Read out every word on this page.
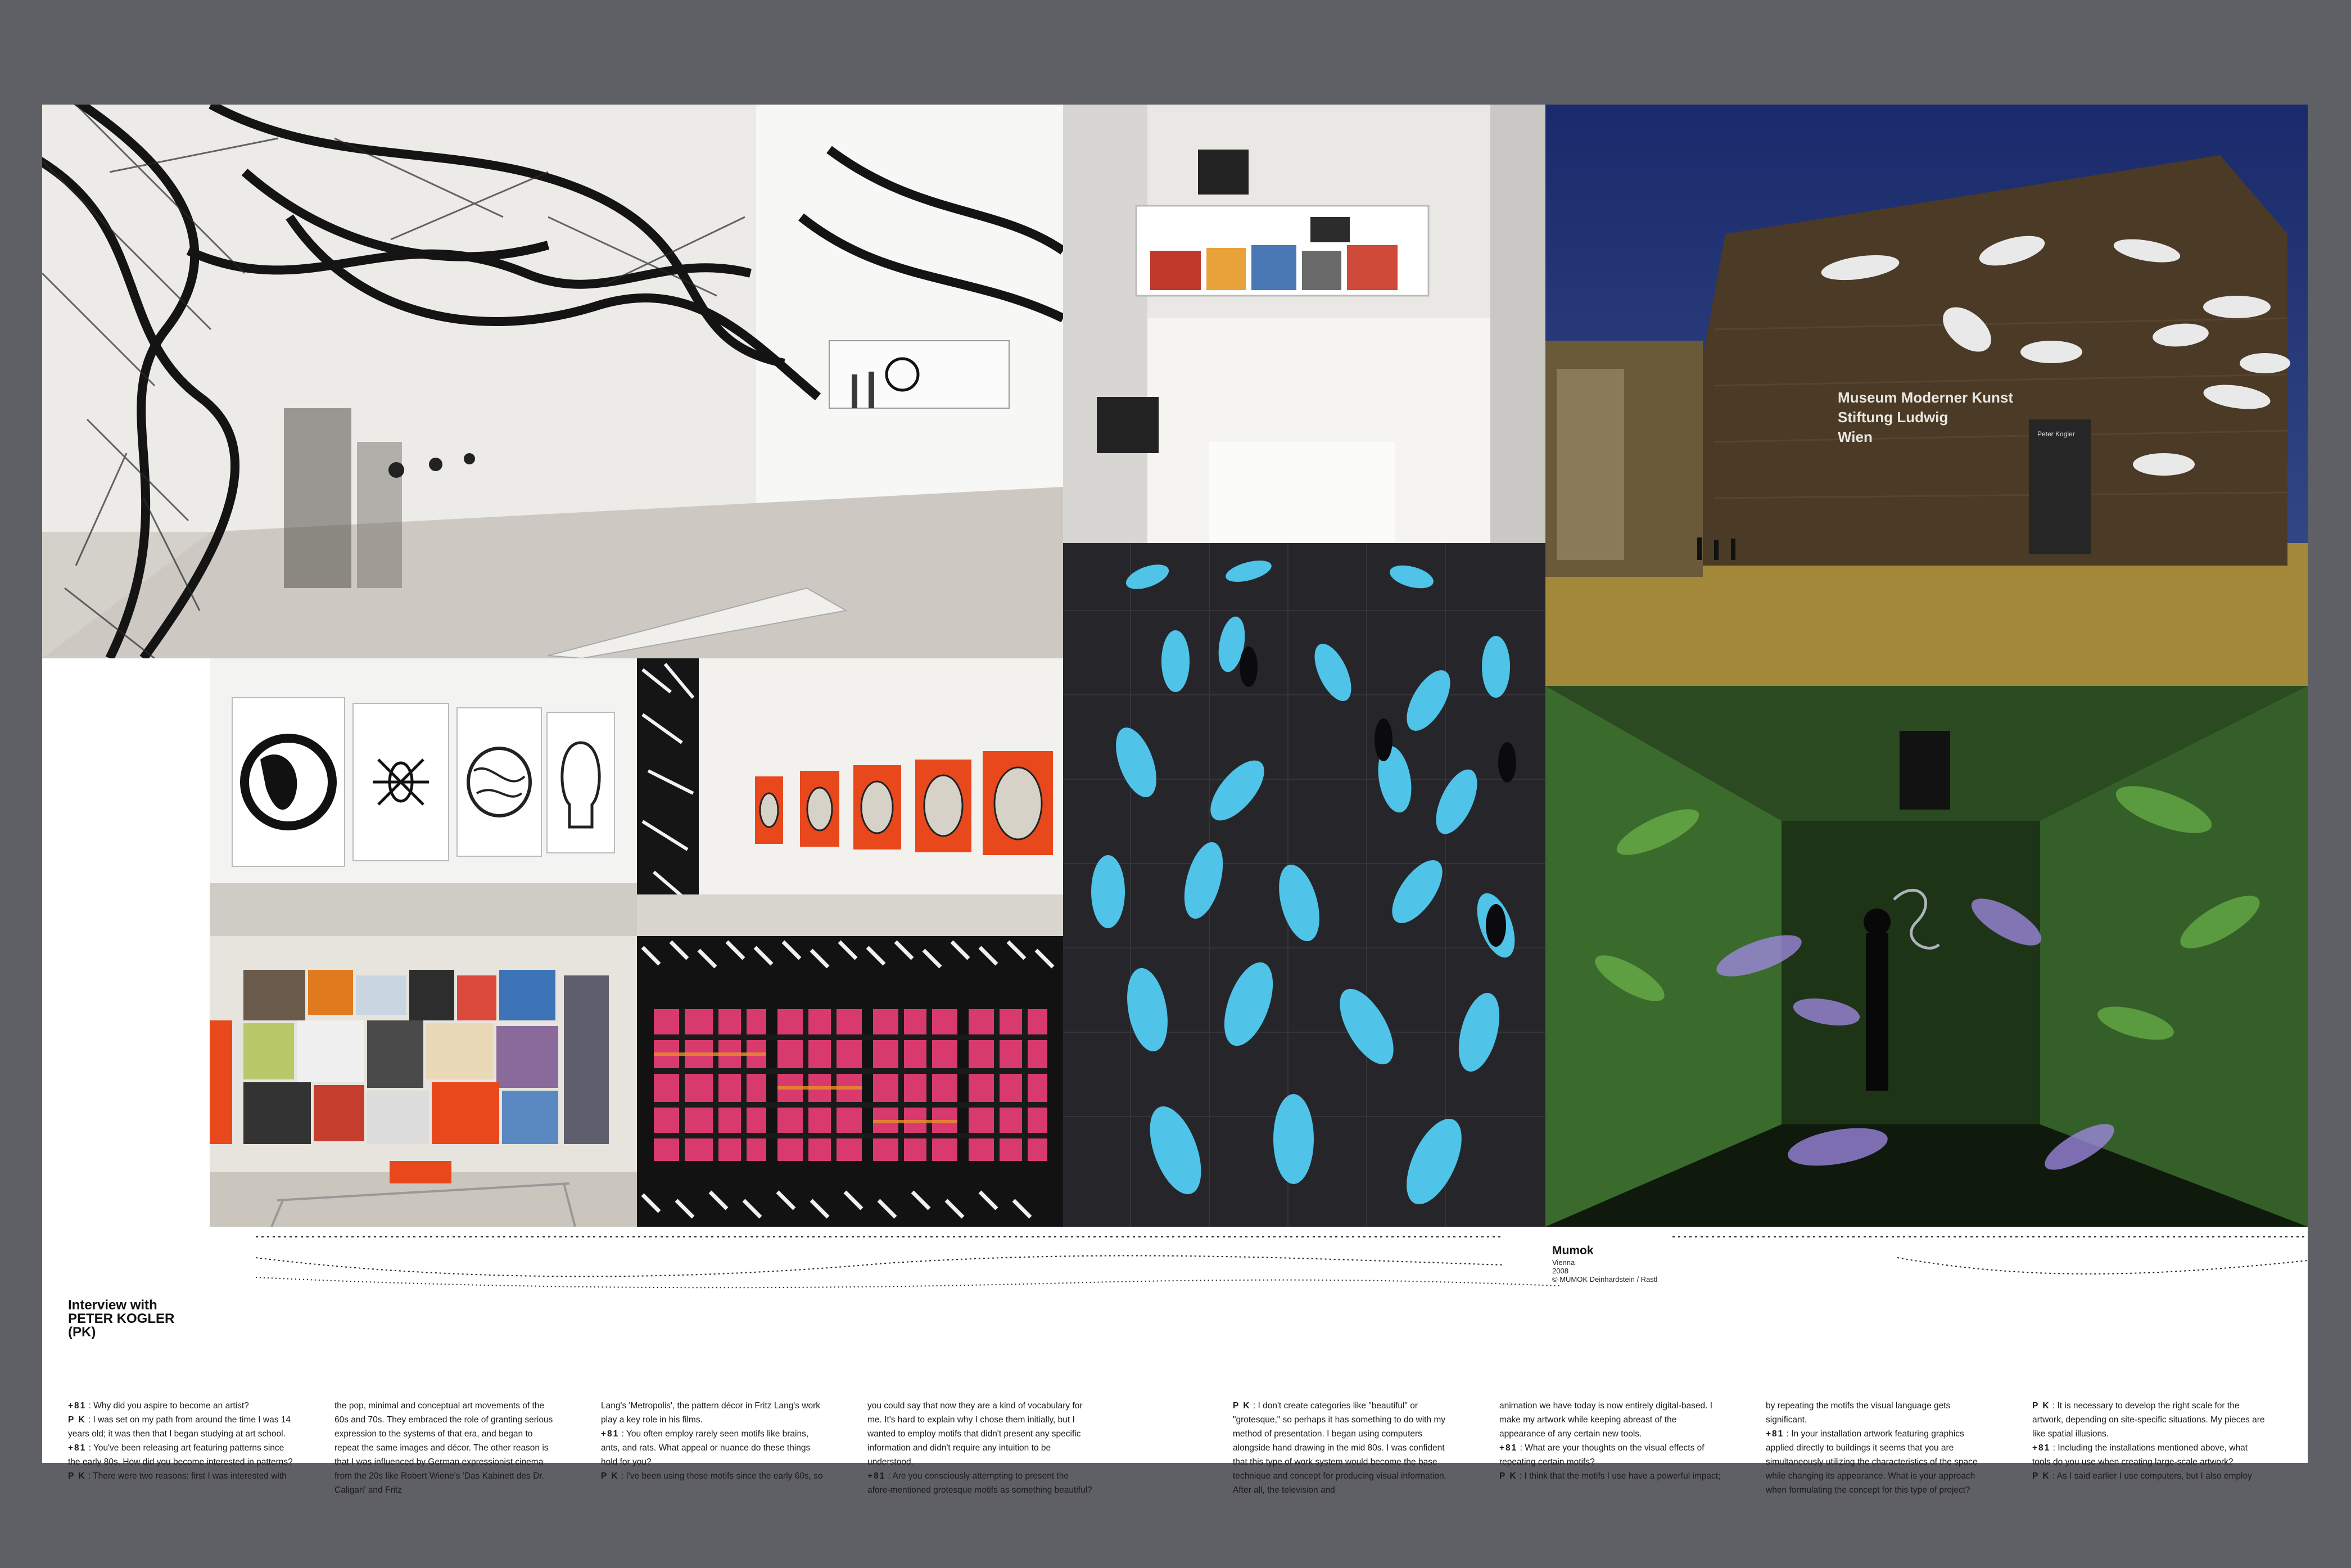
Museum Moderner Kunst
Stiftung Ludwig
Wien	Peter Kogler
Mumok
Vienna
2008
© MUMOK Deinhardstein / Rastl
Interview with
PETER KOGLER
(PK)

+81 : Why did you aspire to become an artist?

P K : I was set on my path from around the time I was 14 years old; it was then that I began studying at art school.

+81 : You've been releasing art featuring patterns since the early 80s. How did you become interested in patterns?

P K : There were two reasons: first I was interested with

the pop, minimal and conceptual art movements of the 60s and 70s. They embraced the role of granting serious expression to the systems of that era, and began to repeat the same images and décor. The other reason is that I was influenced by German expressionist cinema from the 20s like Robert Wiene's 'Das Kabinett des Dr. Caligari' and Fritz

Lang's 'Metropolis', the pattern décor in Fritz Lang's work play a key role in his films.

+81 : You often employ rarely seen motifs like brains, ants, and rats. What appeal or nuance do these things hold for you?

P K : I've been using those motifs since the early 60s, so

you could say that now they are a kind of vocabulary for me. It's hard to explain why I chose them initially, but I wanted to employ motifs that didn't present any specific information and didn't require any intuition to be understood.

+81 : Are you consciously attempting to present the afore-mentioned grotesque motifs as something beautiful?

P K : I don't create categories like "beautiful" or "grotesque," so perhaps it has something to do with my method of presentation. I began using computers alongside hand drawing in the mid 80s. I was confident that this type of work system would become the base technique and concept for producing visual information. After all, the television and

animation we have today is now entirely digital-based. I make my artwork while keeping abreast of the appearance of any certain new tools.

+81 : What are your thoughts on the visual effects of repeating certain motifs?

P K : I think that the motifs I use have a powerful impact;

by repeating the motifs the visual language gets significant.

+81 : In your installation artwork featuring graphics applied directly to buildings it seems that you are simultaneously utilizing the characteristics of the space while changing its appearance. What is your approach when formulating the concept for this type of project?

P K : It is necessary to develop the right scale for the artwork, depending on site-specific situations. My pieces are like spatial illusions.

+81 : Including the installations mentioned above, what tools do you use when creating large-scale artwork?

P K : As I said earlier I use computers, but I also employ
